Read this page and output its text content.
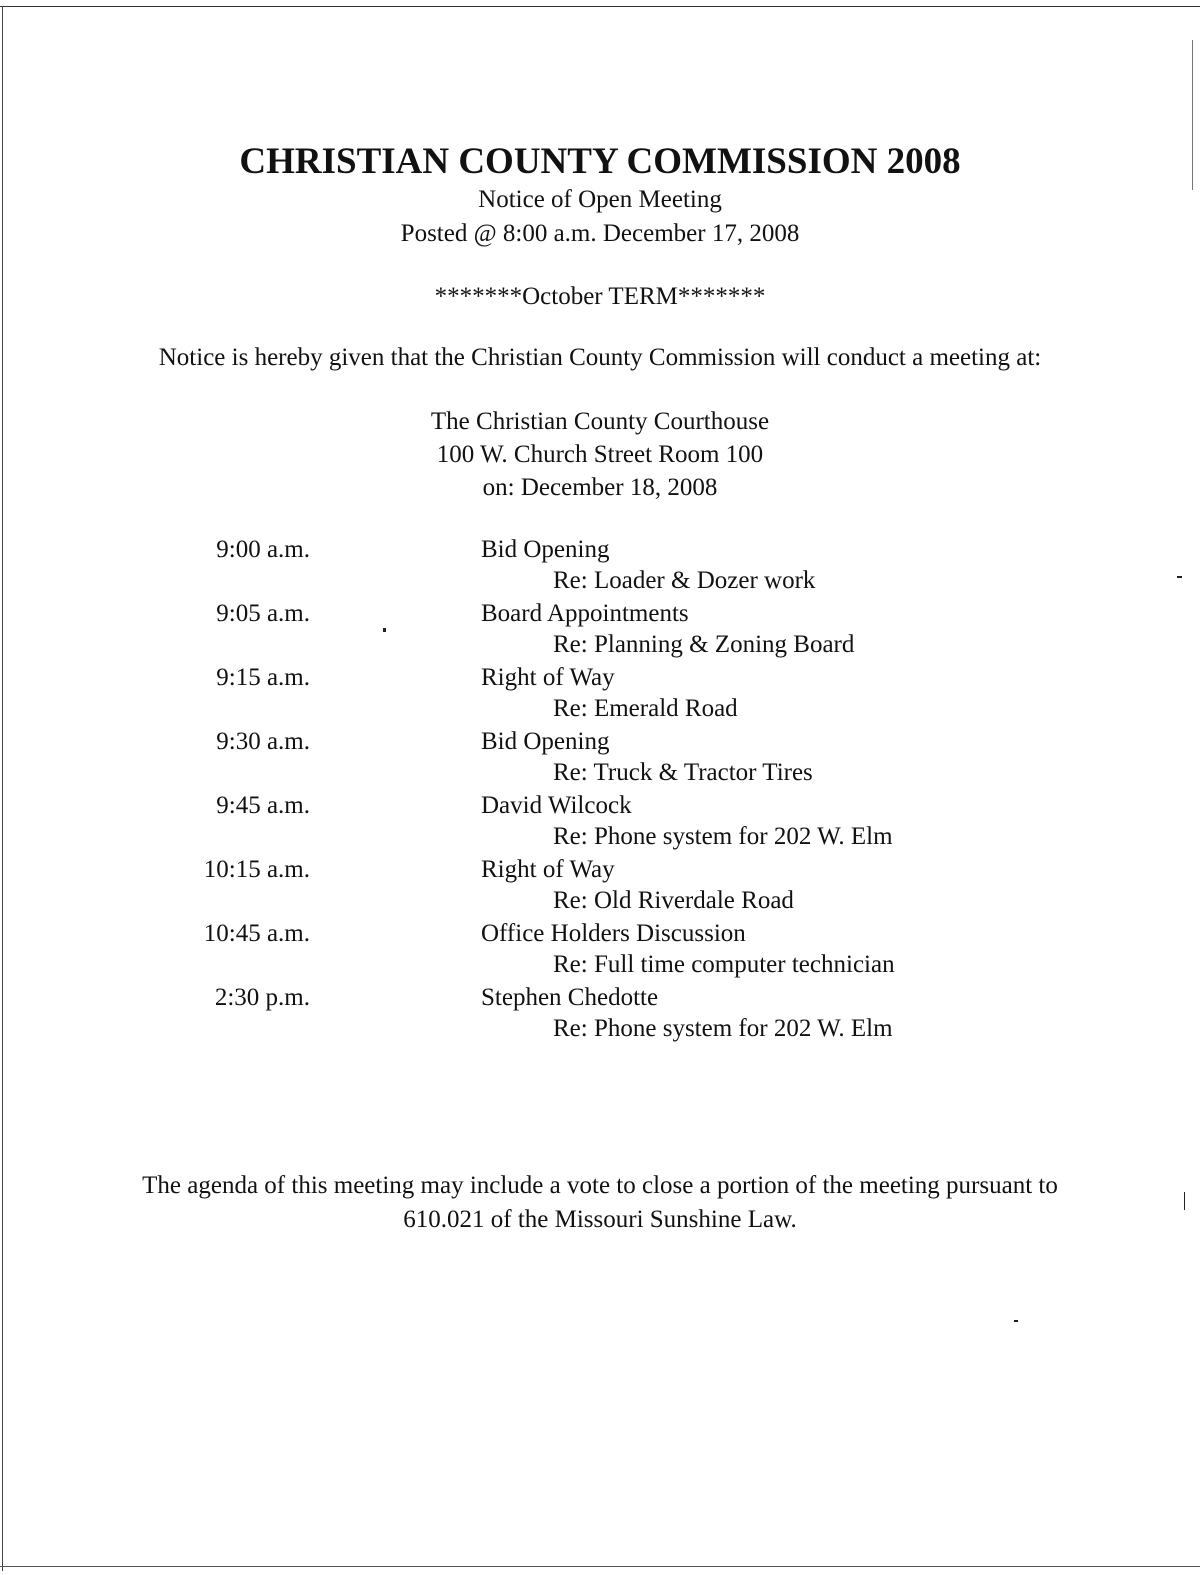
CHRISTIAN COUNTY COMMISSION 2008
Notice of Open Meeting
Posted @ 8:00 a.m. December 17, 2008
*******October TERM*******
Notice is hereby given that the Christian County Commission will conduct a meeting at:
The Christian County Courthouse
100 W. Church Street Room 100
on: December 18, 2008
9:00 a.m.	Bid Opening
Re: Loader & Dozer work
9:05 a.m.	Board Appointments
Re: Planning & Zoning Board
9:15 a.m.	Right of Way
Re: Emerald Road
9:30 a.m.	Bid Opening
Re: Truck & Tractor Tires
9:45 a.m.	David Wilcock
Re: Phone system for 202 W. Elm
10:15 a.m.	Right of Way
Re: Old Riverdale Road
10:45 a.m.	Office Holders Discussion
Re: Full time computer technician
2:30 p.m.	Stephen Chedotte
Re: Phone system for 202 W. Elm
The agenda of this meeting may include a vote to close a portion of the meeting pursuant to
610.021 of the Missouri Sunshine Law.
